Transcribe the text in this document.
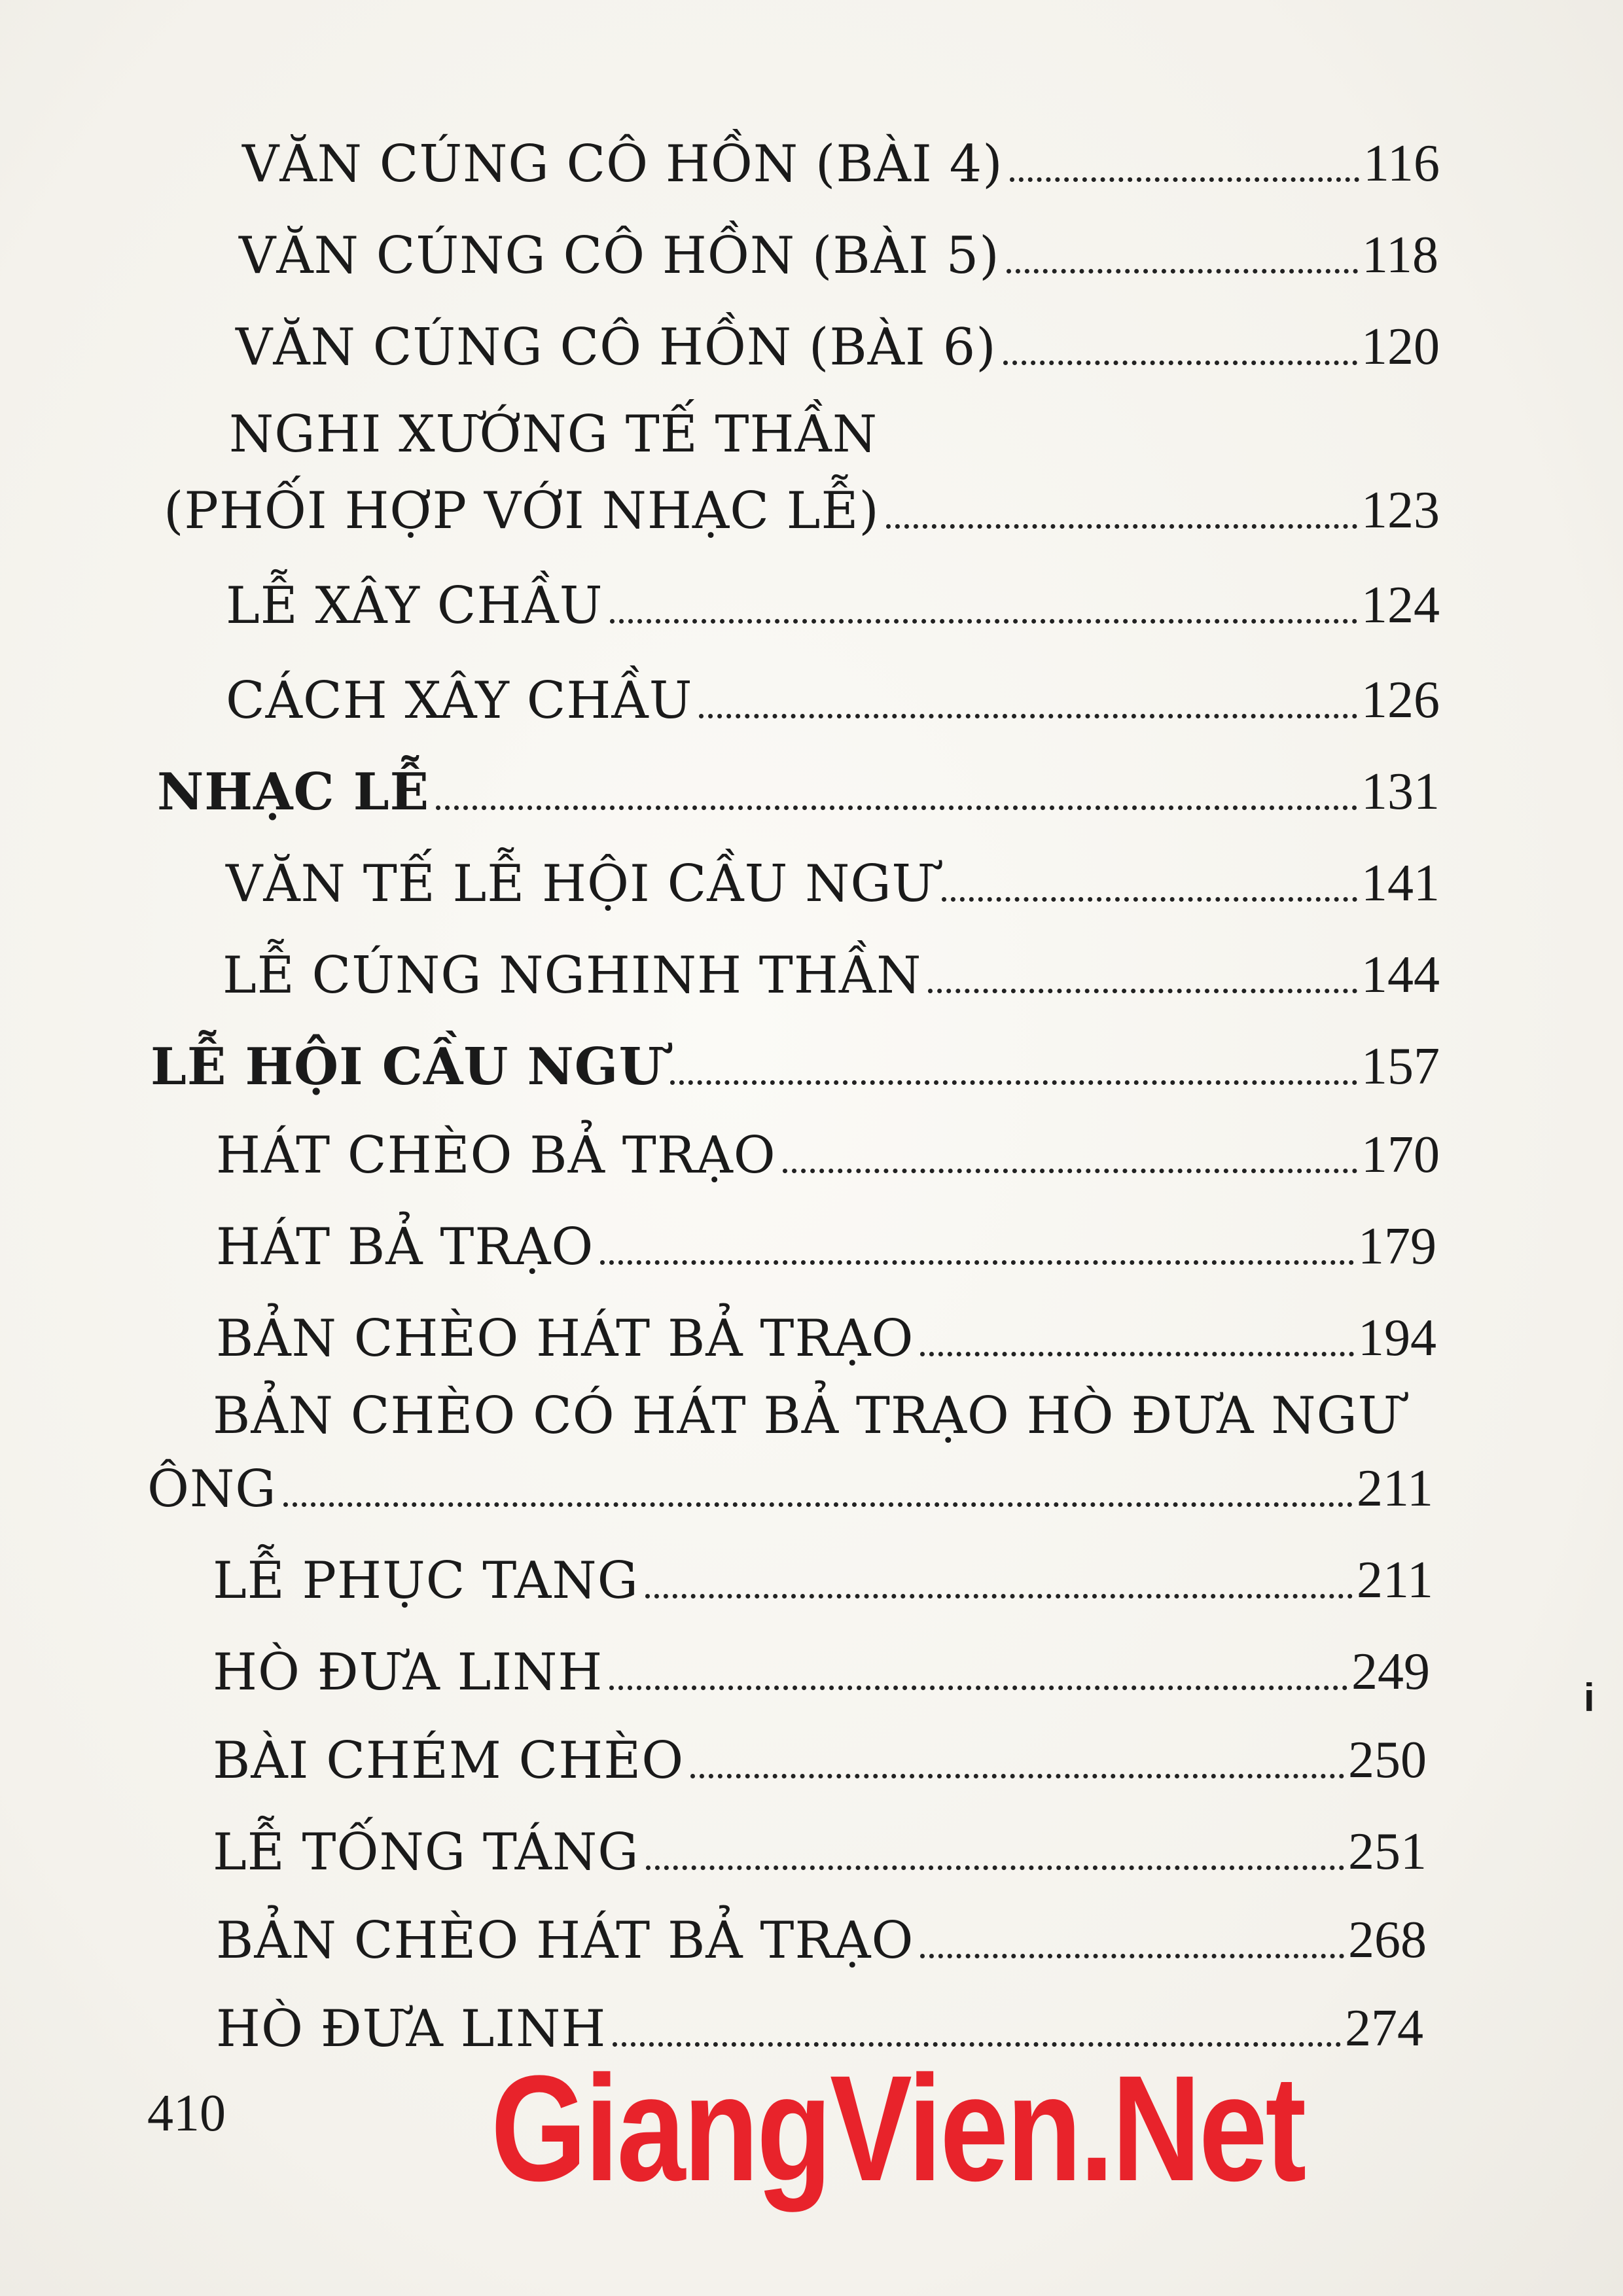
VĂN CÚNG CÔ HỒN (BÀI 4)	116
VĂN CÚNG CÔ HỒN (BÀI 5)	118
VĂN CÚNG CÔ HỒN (BÀI 6)	120
NGHI XƯỚNG TẾ THẦN
(PHỐI HỢP VỚI NHẠC LỄ)	123
LỄ XÂY CHẦU	124
CÁCH XÂY CHẦU	126
NHẠC LỄ	131
VĂN TẾ LỄ HỘI CẦU NGƯ	141
LỄ CÚNG NGHINH THẦN	144
LỄ HỘI CẦU NGƯ	157
HÁT CHÈO BẢ TRẠO	170
HÁT BẢ TRẠO	179
BẢN CHÈO HÁT BẢ TRẠO	194
BẢN CHÈO CÓ HÁT BẢ TRẠO HÒ ĐƯA NGƯ
ÔNG	211
LỄ PHỤC TANG	211
HÒ ĐƯA LINH	249
BÀI CHÉM CHÈO	250
LỄ TỐNG TÁNG	251
BẢN CHÈO HÁT BẢ TRẠO	268
HÒ ĐƯA LINH	274
410 GiangVien.Net
i
